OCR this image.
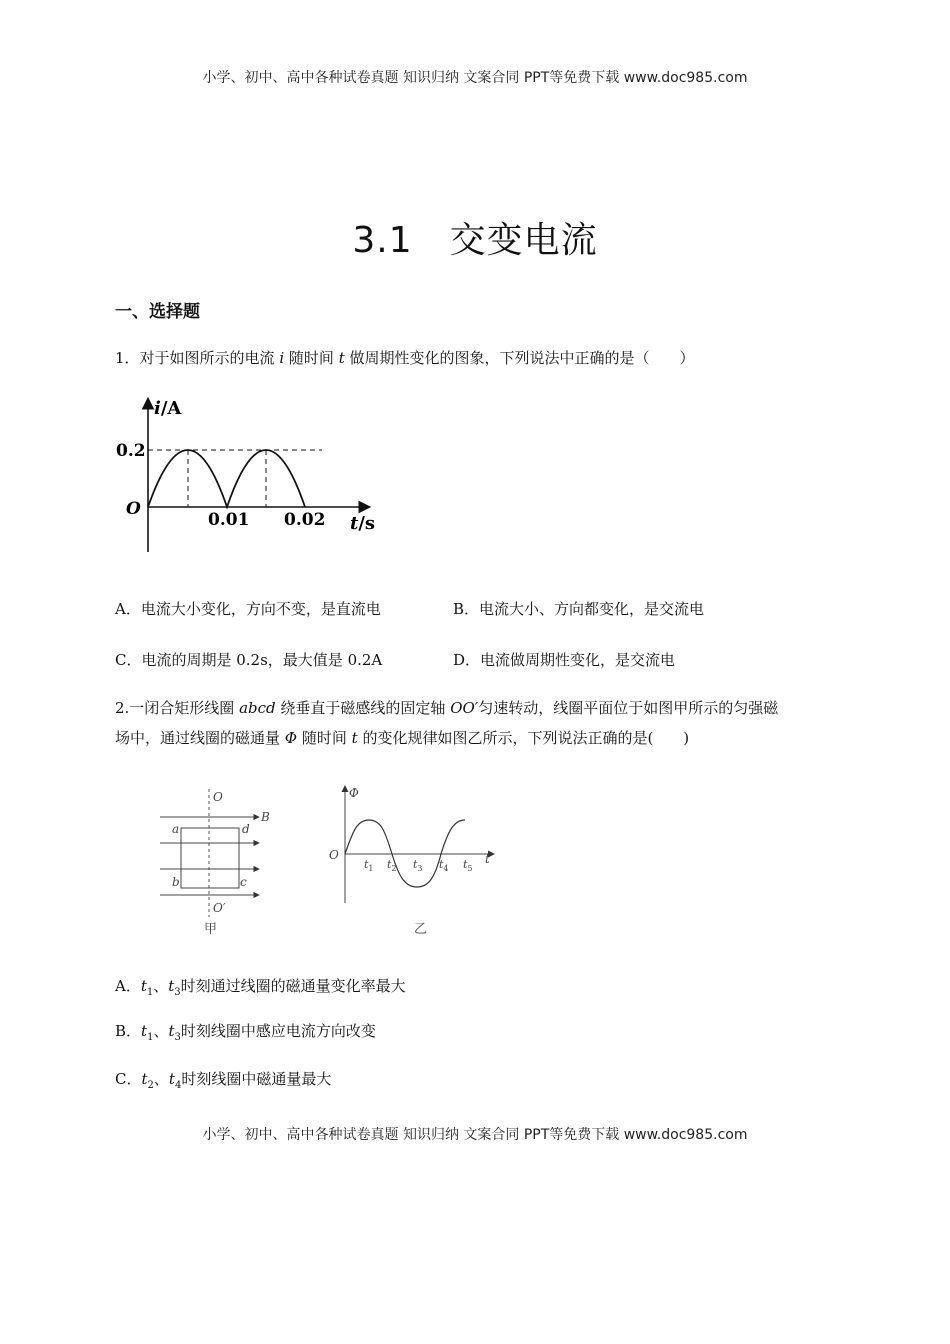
小学、初中、高中各种试卷真题 知识归纳 文案合同 PPT等免费下载 www.doc985.com
3.1　交变电流
一、选择题
1．对于如图所示的电流 i 随时间 t 做周期性变化的图象，下列说法中正确的是（　　）
i/A
0.2
O
0.01 0.02 t/s
A．电流大小变化，方向不变，是直流电	B．电流大小、方向都变化，是交流电
C．电流的周期是 0.2s，最大值是 0.2A	D．电流做周期性变化，是交流电
2.一闭合矩形线圈 abcd 绕垂直于磁感线的固定轴 OO′匀速转动，线圈平面位于如图甲所示的匀强磁
场中，通过线圈的磁通量 Φ 随时间 t 的变化规律如图乙所示，下列说法正确的是(　　)
O
O′
B
a	d
b	c
甲
Φ
O	t
$t_1$ $t_2$ $t_3$ $t_4$ $t_5$
乙
A．$t_1$、$t_3$时刻通过线圈的磁通量变化率最大
B．$t_1$、$t_3$时刻线圈中感应电流方向改变
C．$t_2$、$t_4$时刻线圈中磁通量最大
小学、初中、高中各种试卷真题 知识归纳 文案合同 PPT等免费下载 www.doc985.com
